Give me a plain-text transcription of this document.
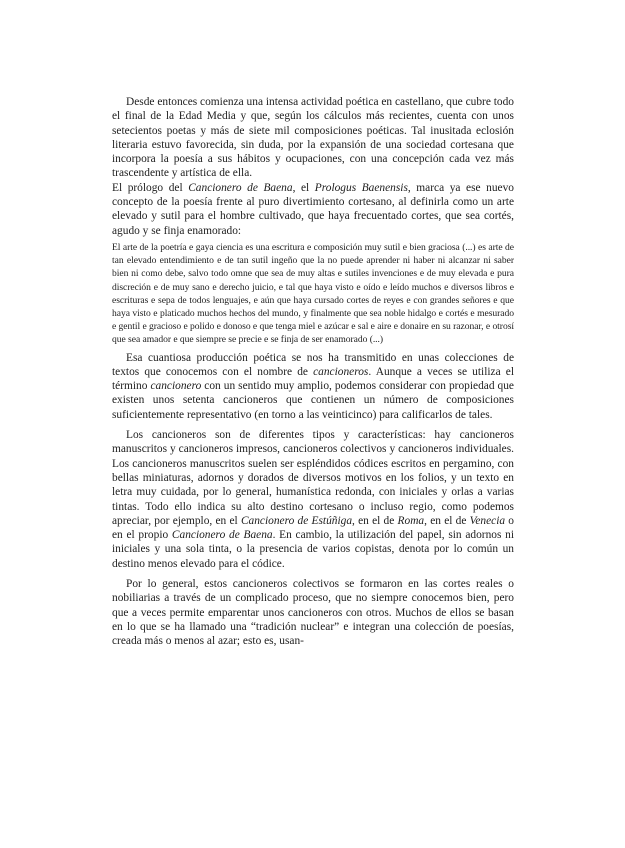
Desde entonces comienza una intensa actividad poética en castellano, que cubre todo el final de la Edad Media y que, según los cálculos más recientes, cuenta con unos setecientos poetas y más de siete mil composiciones poéticas. Tal inusitada eclosión literaria estuvo favorecida, sin duda, por la expansión de una sociedad cortesana que incorpora la poesía a sus hábitos y ocupaciones, con una concepción cada vez más trascendente y artística de ella.

El prólogo del Cancionero de Baena, el Prologus Baenensis, marca ya ese nuevo concepto de la poesía frente al puro divertimiento cortesano, al definirla como un arte elevado y sutil para el hombre cultivado, que haya frecuentado cortes, que sea cortés, agudo y se finja enamorado:

El arte de la poetría e gaya ciencia es una escritura e composición muy sutil e bien graciosa (...) es arte de tan elevado entendimiento e de tan sutil ingeño que la no puede aprender ni haber ni alcanzar ni saber bien ni como debe, salvo todo omne que sea de muy altas e sutiles invenciones e de muy elevada e pura discreción e de muy sano e derecho juicio, e tal que haya visto e oído e leído muchos e diversos libros e escrituras e sepa de todos lenguajes, e aún que haya cursado cortes de reyes e con grandes señores e que haya visto e platicado muchos hechos del mundo, y finalmente que sea noble hidalgo e cortés e mesurado e gentil e gracioso e polido e donoso e que tenga miel e azúcar e sal e aire e donaire en su razonar, e otrosí que sea amador e que siempre se precie e se finja de ser enamorado (...)

Esa cuantiosa producción poética se nos ha transmitido en unas colecciones de textos que conocemos con el nombre de cancioneros. Aunque a veces se utiliza el término cancionero con un sentido muy amplio, podemos considerar con propiedad que existen unos setenta cancioneros que contienen un número de composiciones suficientemente representativo (en torno a las veinticinco) para calificarlos de tales.

Los cancioneros son de diferentes tipos y características: hay cancioneros manuscritos y cancioneros impresos, cancioneros colectivos y cancioneros individuales. Los cancioneros manuscritos suelen ser espléndidos códices escritos en pergamino, con bellas miniaturas, adornos y dorados de diversos motivos en los folios, y un texto en letra muy cuidada, por lo general, humanística redonda, con iniciales y orlas a varias tintas. Todo ello indica su alto destino cortesano o incluso regio, como podemos apreciar, por ejemplo, en el Cancionero de Estúñiga, en el de Roma, en el de Venecia o en el propio Cancionero de Baena. En cambio, la utilización del papel, sin adornos ni iniciales y una sola tinta, o la presencia de varios copistas, denota por lo común un destino menos elevado para el códice.

Por lo general, estos cancioneros colectivos se formaron en las cortes reales o nobiliarias a través de un complicado proceso, que no siempre conocemos bien, pero que a veces permite emparentar unos cancioneros con otros. Muchos de ellos se basan en lo que se ha llamado una “tradición nuclear” e integran una colección de poesías, creada más o menos al azar; esto es, usan-
